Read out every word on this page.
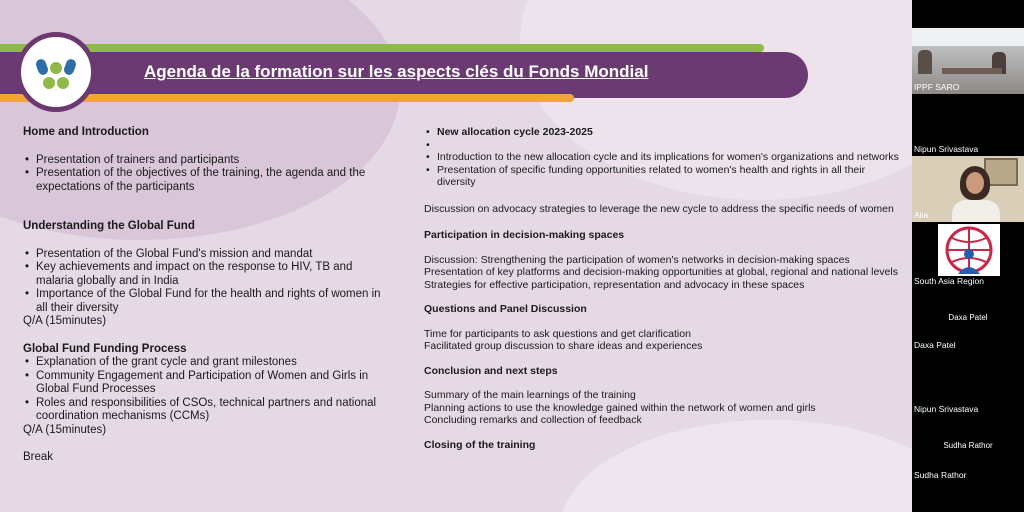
Agenda de la formation sur les aspects clés du Fonds Mondial
Home and Introduction
• Presentation of trainers and participants
• Presentation of the objectives of the training, the agenda and the expectations of the participants
Understanding the Global Fund
• Presentation of the Global Fund's mission and mandat
• Key achievements and impact on the response to HIV, TB and malaria globally and in India
• Importance of the Global Fund for the health and rights of women in all their diversity
Q/A (15minutes)
Global Fund Funding Process
• Explanation of the grant cycle and grant milestones
• Community Engagement and Participation of Women and Girls in Global Fund Processes
• Roles and responsibilities of CSOs, technical partners and national coordination mechanisms (CCMs)
Q/A (15minutes)
Break
• New allocation cycle 2023-2025
•
• Introduction to the new allocation cycle and its implications for women's organizations and networks
• Presentation of specific funding opportunities related to women's health and rights in all their diversity
Discussion on advocacy strategies to leverage the new cycle to address the specific needs of women
Participation in decision-making spaces
Discussion: Strengthening the participation of women's networks in decision-making spaces
Presentation of key platforms and decision-making opportunities at global, regional and national levels
Strategies for effective participation, representation and advocacy in these spaces
Questions and Panel Discussion
Time for participants to ask questions and get clarification
Facilitated group discussion to share ideas and experiences
Conclusion and next steps
Summary of the main learnings of the training
Planning actions to use the knowledge gained within the network of women and girls
Concluding remarks and collection of feedback
Closing of the training
IPPF SARO
Nipun Srivastava
Alia
South Asia Region
Daxa Patel
Daxa Patel
Nipun Srivastava
Sudha Rathor
Sudha Rathor
